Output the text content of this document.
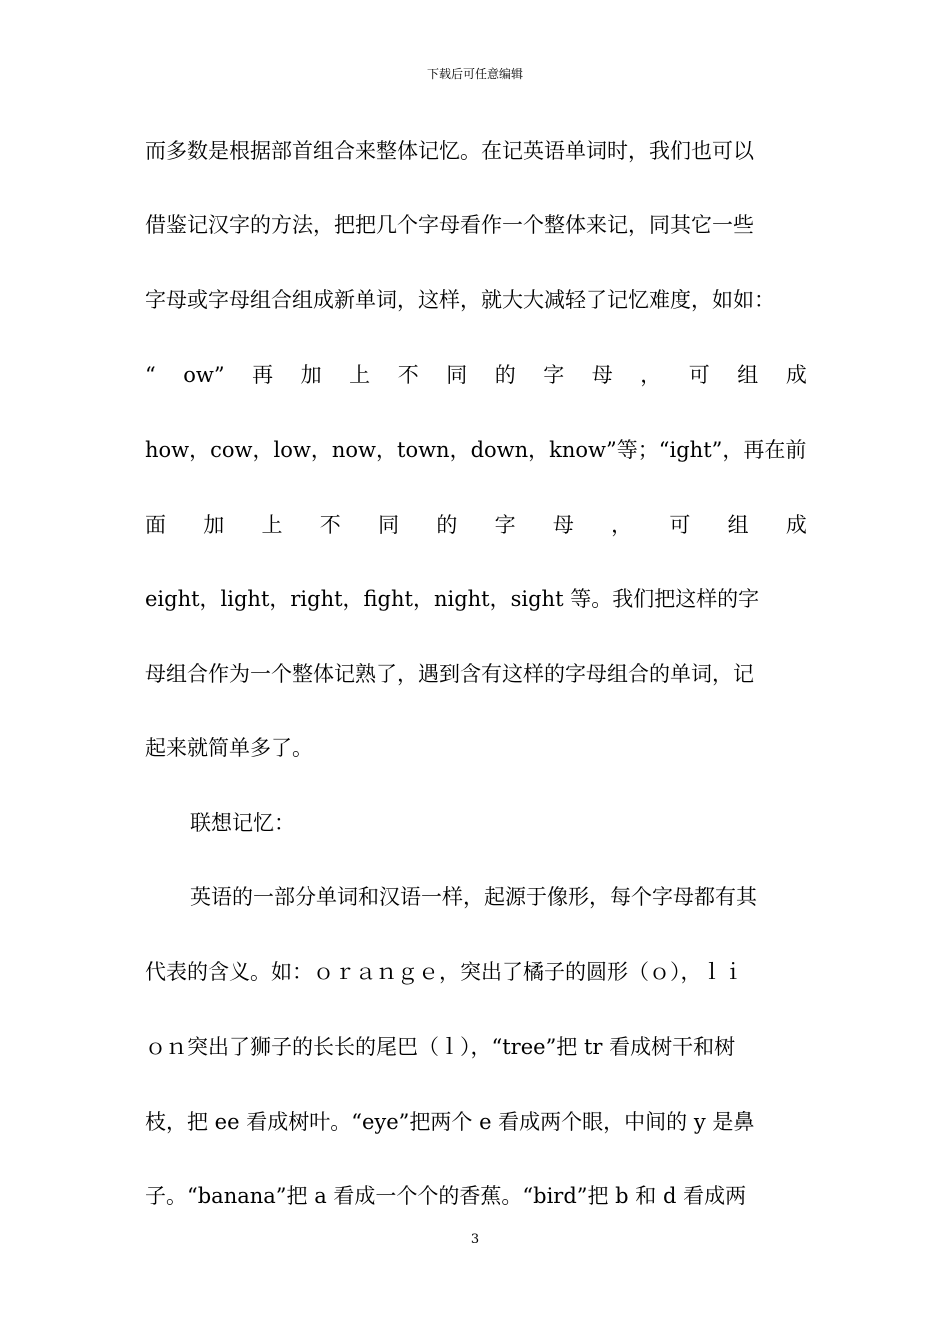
下载后可任意编辑
而多数是根据部首组合来整体记忆。在记英语单词时，我们也可以
借鉴记汉字的方法，把把几个字母看作一个整体来记，同其它一些
字母或字母组合组成新单词，这样，就大大减轻了记忆难度，如如：
“ ow” 再 加 上 不 同 的 字 母 ， 可 组 成
how，cow，low，now，town，down，know”等；“ight”，再在前
面 加 上 不 同 的 字 母 ， 可 组 成
eight，light，right，fight，night，sight 等。我们把这样的字
母组合作为一个整体记熟了，遇到含有这样的字母组合的单词，记
起来就简单多了。
联想记忆：
英语的一部分单词和汉语一样，起源于像形，每个字母都有其
代表的含义。如：ｏｒａｎｇｅ，突出了橘子的圆形（ｏ），ｌｉ
ｏｎ突出了狮子的长长的尾巴（ｌ），“tree”把 tr 看成树干和树
枝，把 ee 看成树叶。“eye”把两个 e 看成两个眼，中间的 y 是鼻
子。“banana”把 a 看成一个个的香蕉。“bird”把 b 和 d 看成两
3
